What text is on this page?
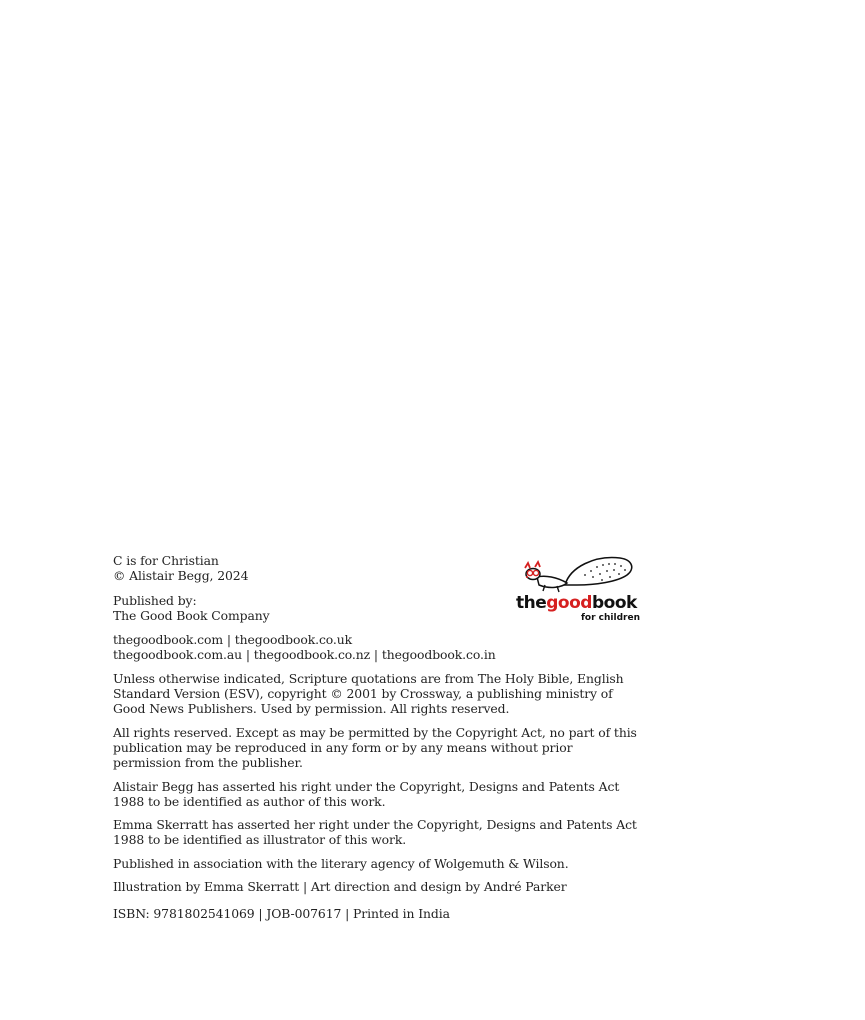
C is for Christian
© Alistair Begg, 2024

Published by:
The Good Book Company

thegoodbook.com | thegoodbook.co.uk
thegoodbook.com.au | thegoodbook.co.nz | thegoodbook.co.in

Unless otherwise indicated, Scripture quotations are from The Holy Bible, English Standard Version (ESV), copyright © 2001 by Crossway, a publishing ministry of Good News Publishers. Used by permission. All rights reserved.

All rights reserved. Except as may be permitted by the Copyright Act, no part of this publication may be reproduced in any form or by any means without prior permission from the publisher.

Alistair Begg has asserted his right under the Copyright, Designs and Patents Act 1988 to be identified as author of this work.

Emma Skerratt has asserted her right under the Copyright, Designs and Patents Act 1988 to be identified as illustrator of this work.

Published in association with the literary agency of Wolgemuth & Wilson.

Illustration by Emma Skerratt | Art direction and design by André Parker

ISBN: 9781802541069 | JOB-007617 | Printed in India

thegoodbook
for children
